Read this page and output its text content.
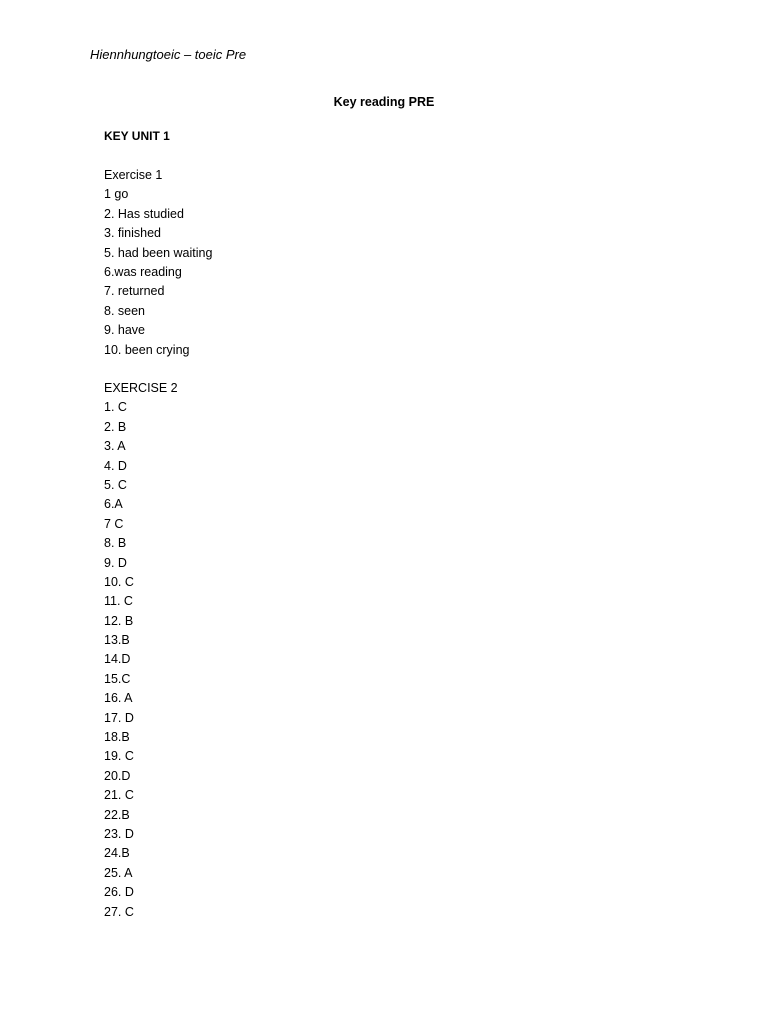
Hiennhungtoeic – toeic Pre
Key reading PRE
KEY UNIT 1
Exercise 1
1 go
2. Has studied
3. finished
5. had been waiting
6.was reading
7. returned
8. seen
9. have
10. been crying
EXERCISE 2
1. C
2. B
3. A
4. D
5. C
6.A
7 C
8. B
9. D
10. C
11. C
12. B
13.B
14.D
15.C
16. A
17. D
18.B
19. C
20.D
21. C
22.B
23. D
24.B
25. A
26. D
27. C
